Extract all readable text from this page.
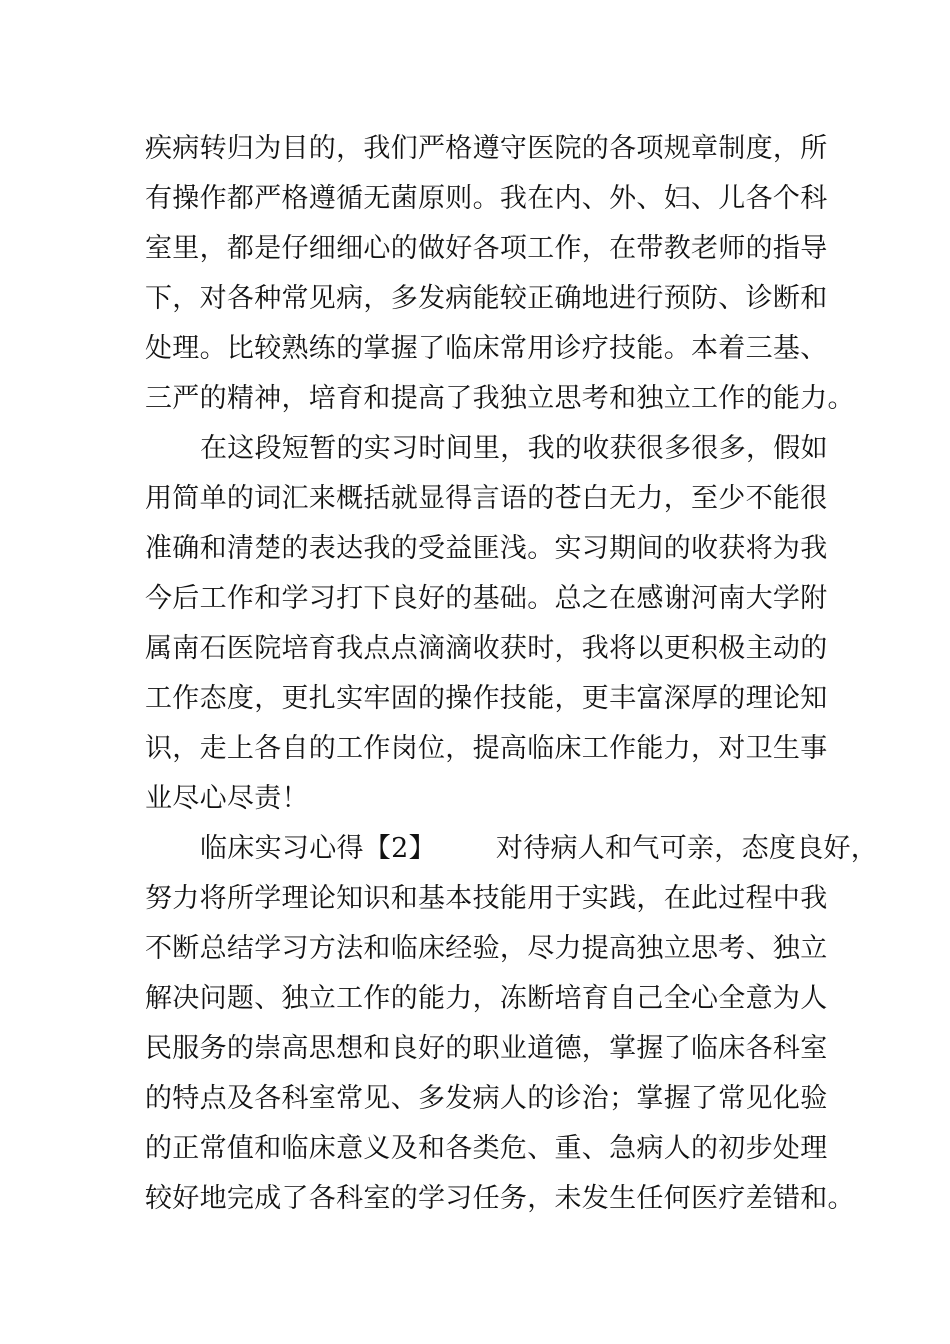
疾病转归为目的，我们严格遵守医院的各项规章制度，所
有操作都严格遵循无菌原则。我在内、外、妇、儿各个科
室里，都是仔细细心的做好各项工作，在带教老师的指导
下，对各种常见病，多发病能较正确地进行预防、诊断和
处理。比较熟练的掌握了临床常用诊疗技能。本着三基、
三严的精神，培育和提高了我独立思考和独立工作的能力。
在这段短暂的实习时间里，我的收获很多很多，假如
用简单的词汇来概括就显得言语的苍白无力，至少不能很
准确和清楚的表达我的受益匪浅。实习期间的收获将为我
今后工作和学习打下良好的基础。总之在感谢河南大学附
属南石医院培育我点点滴滴收获时，我将以更积极主动的
工作态度，更扎实牢固的操作技能，更丰富深厚的理论知
识，走上各自的工作岗位，提高临床工作能力，对卫生事
业尽心尽责！
临床实习心得【2】 对待病人和气可亲，态度良好，
努力将所学理论知识和基本技能用于实践，在此过程中我
不断总结学习方法和临床经验，尽力提高独立思考、独立
解决问题、独立工作的能力，冻断培育自己全心全意为人
民服务的崇高思想和良好的职业道德，掌握了临床各科室
的特点及各科室常见、多发病人的诊治；掌握了常见化验
的正常值和临床意义及和各类危、重、急病人的初步处理
较好地完成了各科室的学习任务，未发生任何医疗差错和。
